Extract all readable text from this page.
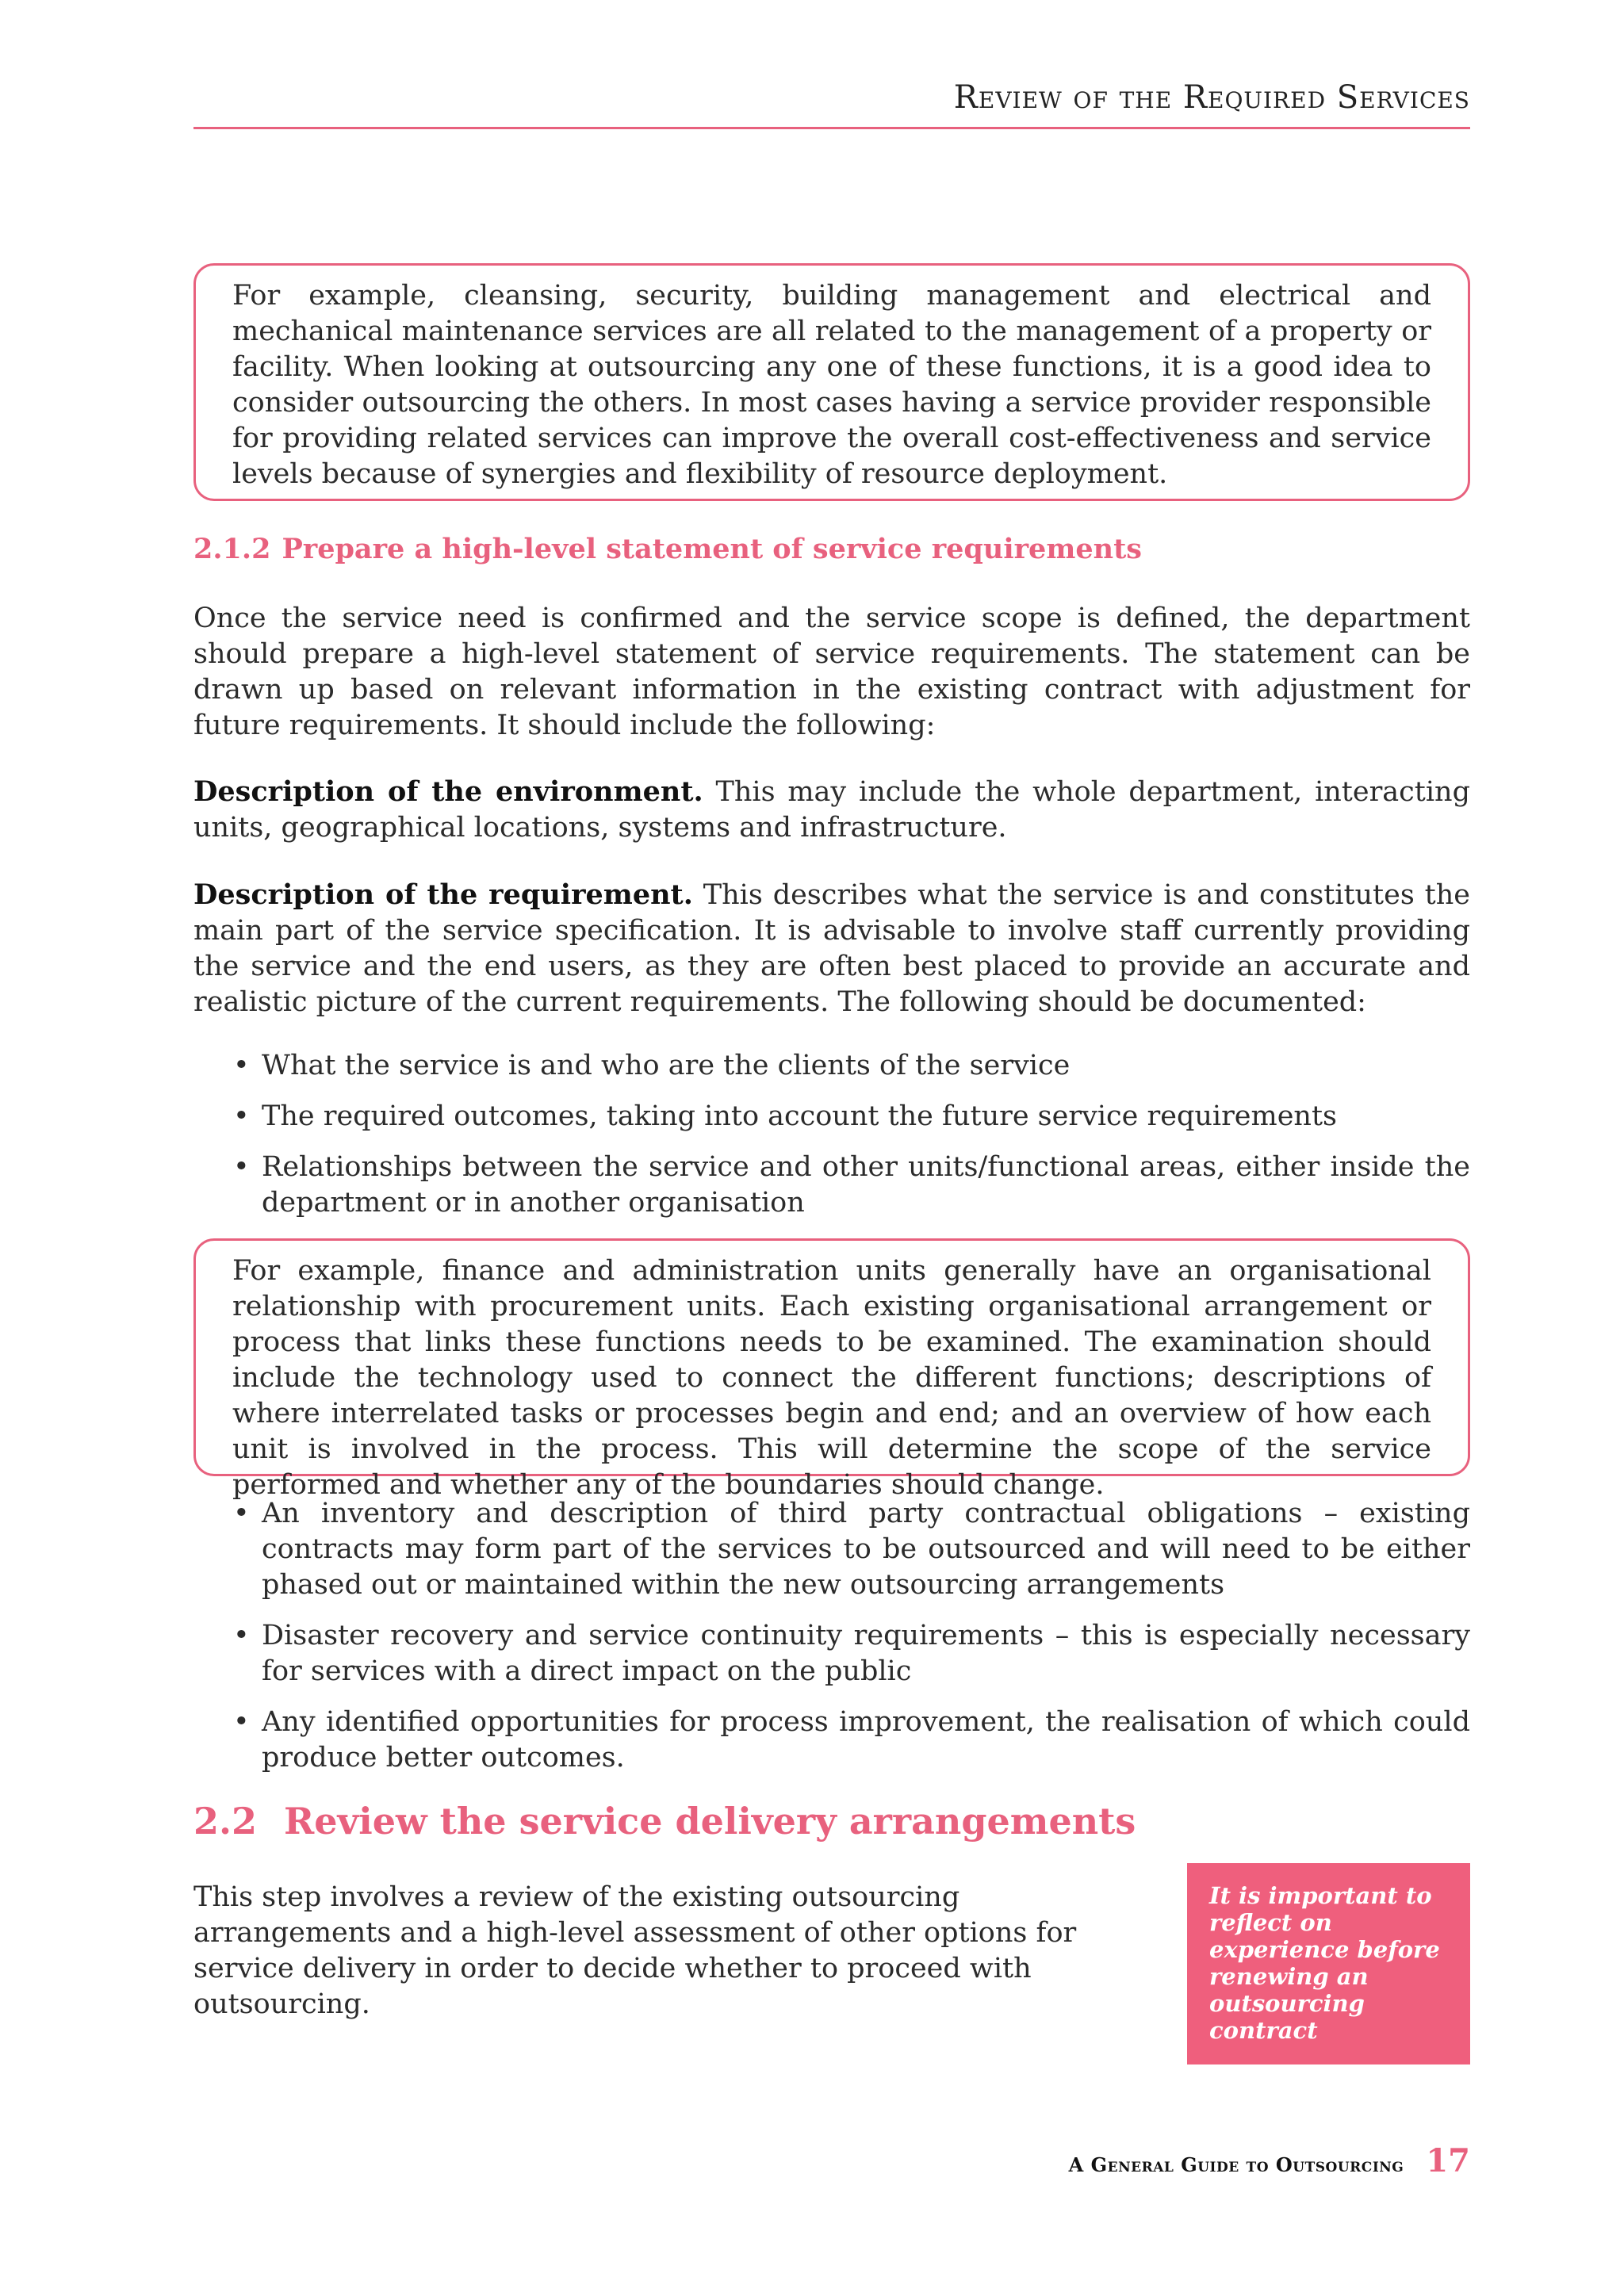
Review of the Required Services

For example, cleansing, security, building management and electrical and mechanical maintenance services are all related to the management of a property or facility. When looking at outsourcing any one of these functions, it is a good idea to consider outsourcing the others. In most cases having a service provider responsible for providing related services can improve the overall cost-effectiveness and service levels because of synergies and flexibility of resource deployment.

2.1.2 Prepare a high-level statement of service requirements

Once the service need is confirmed and the service scope is defined, the department should prepare a high-level statement of service requirements. The statement can be drawn up based on relevant information in the existing contract with adjustment for future requirements. It should include the following:

Description of the environment. This may include the whole department, interacting units, geographical locations, systems and infrastructure.

Description of the requirement. This describes what the service is and constitutes the main part of the service specification. It is advisable to involve staff currently providing the service and the end users, as they are often best placed to provide an accurate and realistic picture of the current requirements. The following should be documented:

• What the service is and who are the clients of the service

• The required outcomes, taking into account the future service requirements

• Relationships between the service and other units/functional areas, either inside the department or in another organisation

For example, finance and administration units generally have an organisational relationship with procurement units. Each existing organisational arrangement or process that links these functions needs to be examined. The examination should include the technology used to connect the different functions; descriptions of where interrelated tasks or processes begin and end; and an overview of how each unit is involved in the process. This will determine the scope of the service performed and whether any of the boundaries should change.

• An inventory and description of third party contractual obligations – existing contracts may form part of the services to be outsourced and will need to be either phased out or maintained within the new outsourcing arrangements

• Disaster recovery and service continuity requirements – this is especially necessary for services with a direct impact on the public

• Any identified opportunities for process improvement, the realisation of which could produce better outcomes.

2.2 Review the service delivery arrangements

This step involves a review of the existing outsourcing arrangements and a high-level assessment of other options for service delivery in order to decide whether to proceed with outsourcing.

It is important to reflect on experience before renewing an outsourcing contract
A General Guide to Outsourcing 17
